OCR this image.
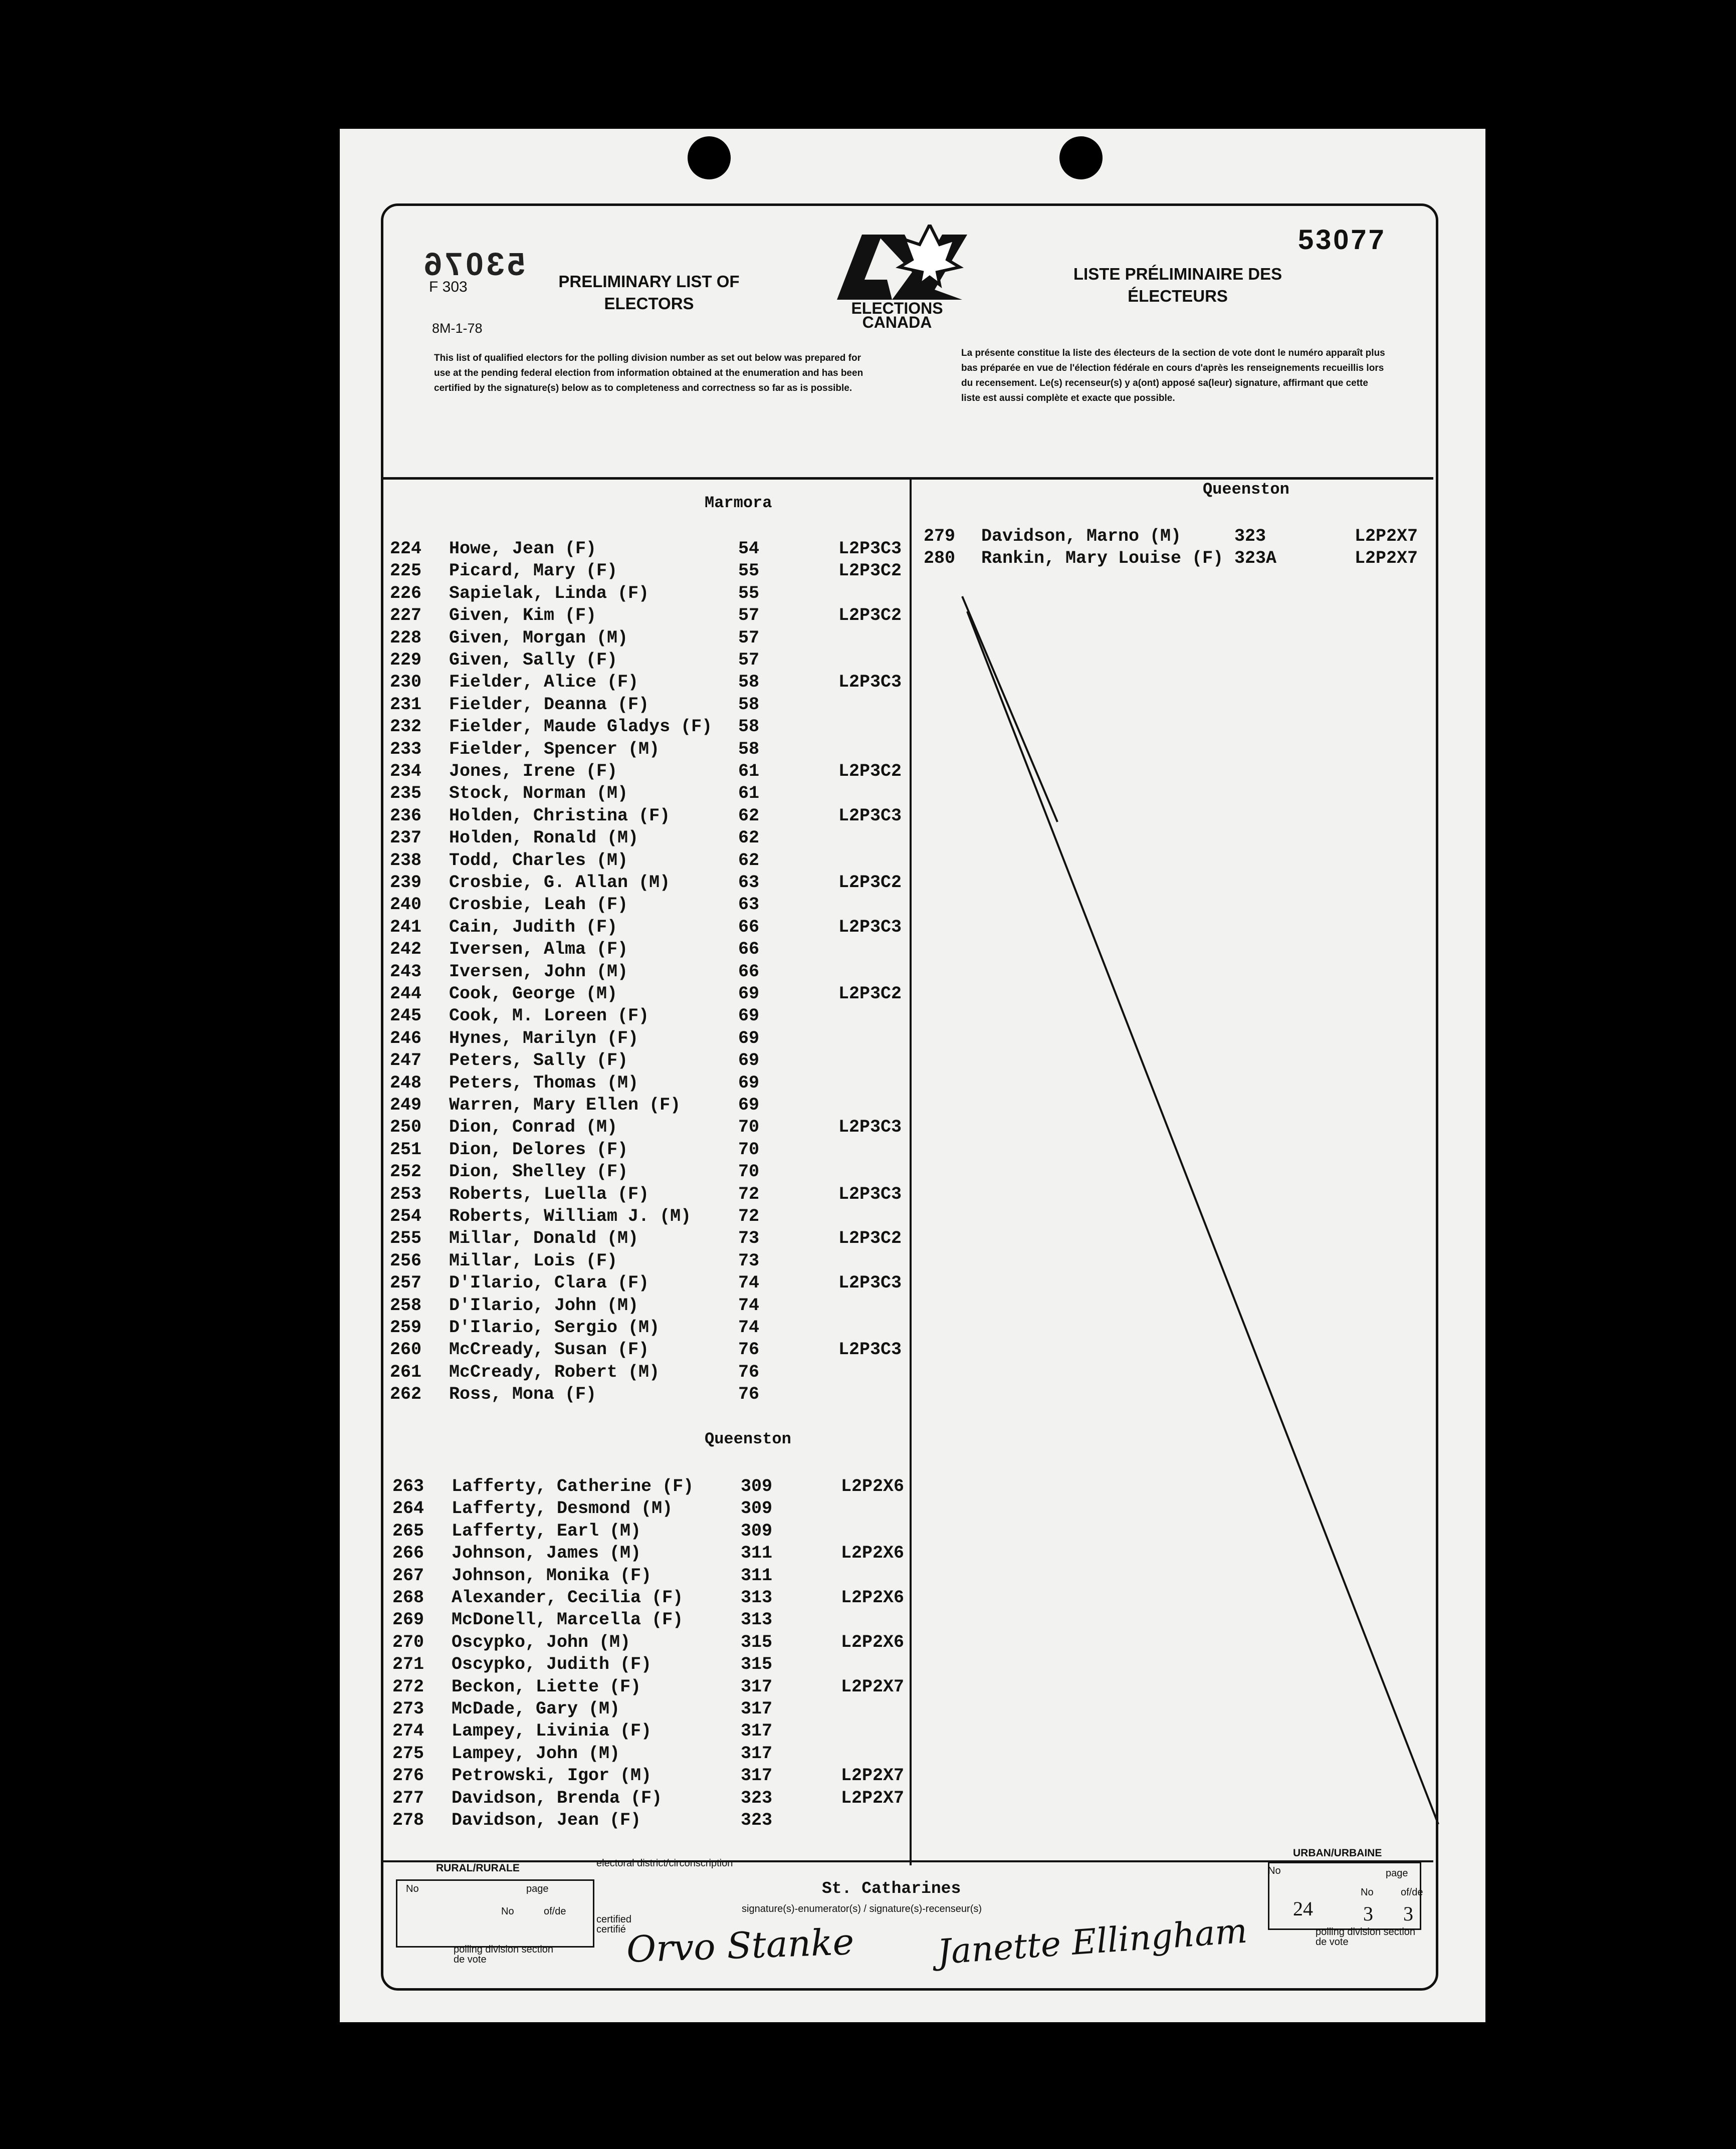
53076
F 303
8M-1-78
PRELIMINARY LIST OF ELECTORS
LISTE PRÉLIMINAIRE DES ÉLECTEURS
53077
ELECTIONS
CANADA
This list of qualified electors for the polling division number as set out below was prepared for use at the pending federal election from information obtained at the enumeration and has been certified by the signature(s) below as to completeness and correctness so far as is possible.
La présente constitue la liste des électeurs de la section de vote dont le numéro apparaît plus bas préparée en vue de l'élection fédérale en cours d'après les renseignements recueillis lors du recensement. Le(s) recenseur(s) y a(ont) apposé sa(leur) signature, affirmant que cette liste est aussi complète et exacte que possible.
Marmora
Queenston
224 Howe, Jean (F)	54	L2P3C3
225 Picard, Mary (F)	55	L2P3C2
226 Sapielak, Linda (F)	55
227 Given, Kim (F)	57	L2P3C2
228 Given, Morgan (M)	57
229 Given, Sally (F)	57
230 Fielder, Alice (F)	58	L2P3C3
231 Fielder, Deanna (F)	58
232 Fielder, Maude Gladys (F) 58
233 Fielder, Spencer (M)	58
234 Jones, Irene (F)	61	L2P3C2
235 Stock, Norman (M)	61
236 Holden, Christina (F)	62	L2P3C3
237 Holden, Ronald (M)	62
238 Todd, Charles (M)	62
239 Crosbie, G. Allan (M)	63	L2P3C2
240 Crosbie, Leah (F)	63
241 Cain, Judith (F)	66	L2P3C3
242 Iversen, Alma (F)	66
243 Iversen, John (M)	66
244 Cook, George (M)	69	L2P3C2
245 Cook, M. Loreen (F)	69
246 Hynes, Marilyn (F)	69
247 Peters, Sally (F)	69
248 Peters, Thomas (M)	69
249 Warren, Mary Ellen (F)	69
250 Dion, Conrad (M)	70	L2P3C3
251 Dion, Delores (F)	70
252 Dion, Shelley (F)	70
253 Roberts, Luella (F)	72	L2P3C3
254 Roberts, William J. (M)	72
255 Millar, Donald (M)	73	L2P3C2
256 Millar, Lois (F)	73
257 D'Ilario, Clara (F)	74	L2P3C3
258 D'Ilario, John (M)	74
259 D'Ilario, Sergio (M)	74
260 McCready, Susan (F)	76	L2P3C3
261 McCready, Robert (M)	76
262 Ross, Mona (F)	76
Queenston
263 Lafferty, Catherine (F)	309	L2P2X6
264 Lafferty, Desmond (M)	309
265 Lafferty, Earl (M)	309
266 Johnson, James (M)	311	L2P2X6
267 Johnson, Monika (F)	311
268 Alexander, Cecilia (F)	313	L2P2X6
269 McDonell, Marcella (F)	313
270 Oscypko, John (M)	315	L2P2X6
271 Oscypko, Judith (F)	315
272 Beckon, Liette (F)	317	L2P2X7
273 McDade, Gary (M)	317
274 Lampey, Livinia (F)	317
275 Lampey, John (M)	317
276 Petrowski, Igor (M)	317	L2P2X7
277 Davidson, Brenda (F)	323	L2P2X7
278 Davidson, Jean (F)	323
279 Davidson, Marno (M)	323	L2P2X7
280 Rankin, Mary Louise (F) 323A	L2P2X7
RURAL/RURALE
URBAN/URBAINE
electoral district/circonscription
St. Catharines
No	page
No	of/de
polling division section de vote
certified certifié
signature(s)-enumerator(s) / signature(s)-recenseur(s)
No	page
No	of/de
24	3 3
polling division section de vote
Orvo Stanke Janette Ellingham
